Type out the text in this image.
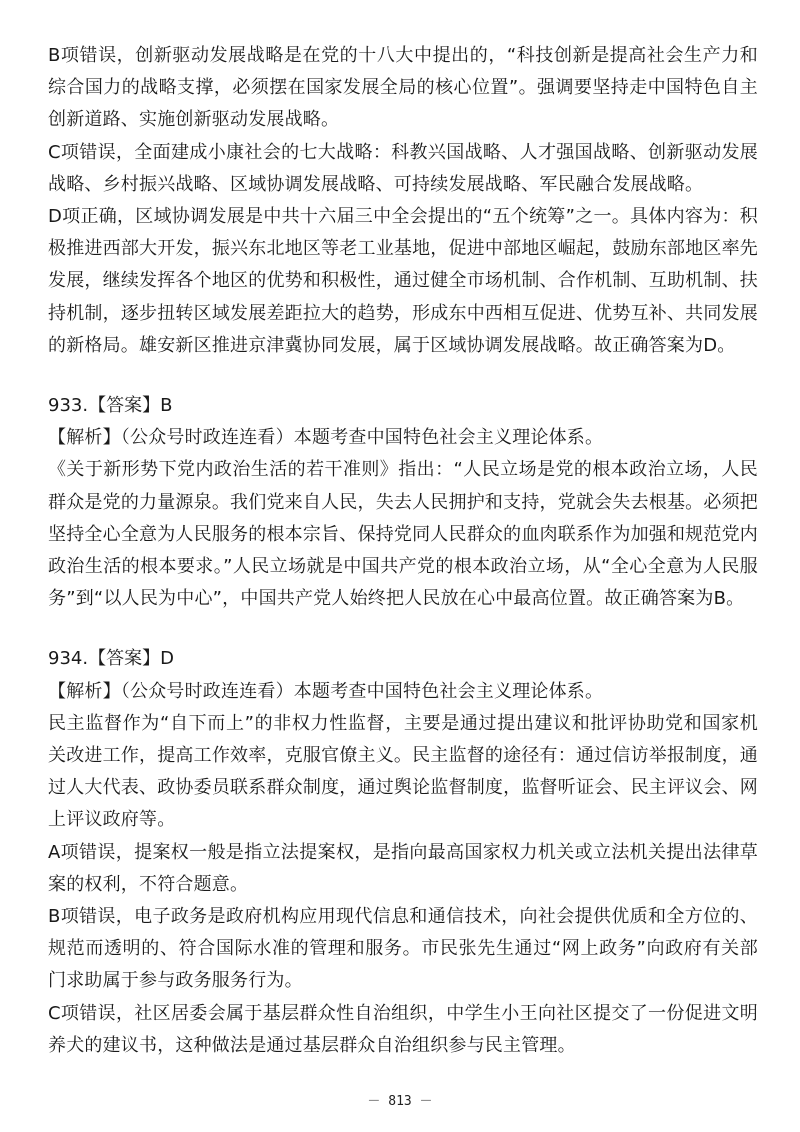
B项错误，创新驱动发展战略是在党的十八大中提出的，“科技创新是提高社会生产力和综合国力的战略支撑，必须摆在国家发展全局的核心位置”。强调要坚持走中国特色自主创新道路、实施创新驱动发展战略。

C项错误，全面建成小康社会的七大战略：科教兴国战略、人才强国战略、创新驱动发展战略、乡村振兴战略、区域协调发展战略、可持续发展战略、军民融合发展战略。

D项正确，区域协调发展是中共十六届三中全会提出的“五个统筹”之一。具体内容为：积极推进西部大开发，振兴东北地区等老工业基地，促进中部地区崛起，鼓励东部地区率先发展，继续发挥各个地区的优势和积极性，通过健全市场机制、合作机制、互助机制、扶持机制，逐步扭转区域发展差距拉大的趋势，形成东中西相互促进、优势互补、共同发展的新格局。雄安新区推进京津冀协同发展，属于区域协调发展战略。故正确答案为D。

933.【答案】B

【解析】（公众号时政连连看）本题考查中国特色社会主义理论体系。

《关于新形势下党内政治生活的若干准则》指出：“人民立场是党的根本政治立场，人民群众是党的力量源泉。我们党来自人民，失去人民拥护和支持，党就会失去根基。必须把坚持全心全意为人民服务的根本宗旨、保持党同人民群众的血肉联系作为加强和规范党内政治生活的根本要求。”人民立场就是中国共产党的根本政治立场，从“全心全意为人民服务”到“以人民为中心”，中国共产党人始终把人民放在心中最高位置。故正确答案为B。

934.【答案】D

【解析】（公众号时政连连看）本题考查中国特色社会主义理论体系。

民主监督作为“自下而上”的非权力性监督，主要是通过提出建议和批评协助党和国家机关改进工作，提高工作效率，克服官僚主义。民主监督的途径有：通过信访举报制度，通过人大代表、政协委员联系群众制度，通过舆论监督制度，监督听证会、民主评议会、网上评议政府等。

A项错误，提案权一般是指立法提案权，是指向最高国家权力机关或立法机关提出法律草案的权利，不符合题意。

B项错误，电子政务是政府机构应用现代信息和通信技术，向社会提供优质和全方位的、规范而透明的、符合国际水准的管理和服务。市民张先生通过“网上政务”向政府有关部门求助属于参与政务服务行为。

C项错误，社区居委会属于基层群众性自治组织，中学生小王向社区提交了一份促进文明养犬的建议书，这种做法是通过基层群众自治组织参与民主管理。

－ 813 －
